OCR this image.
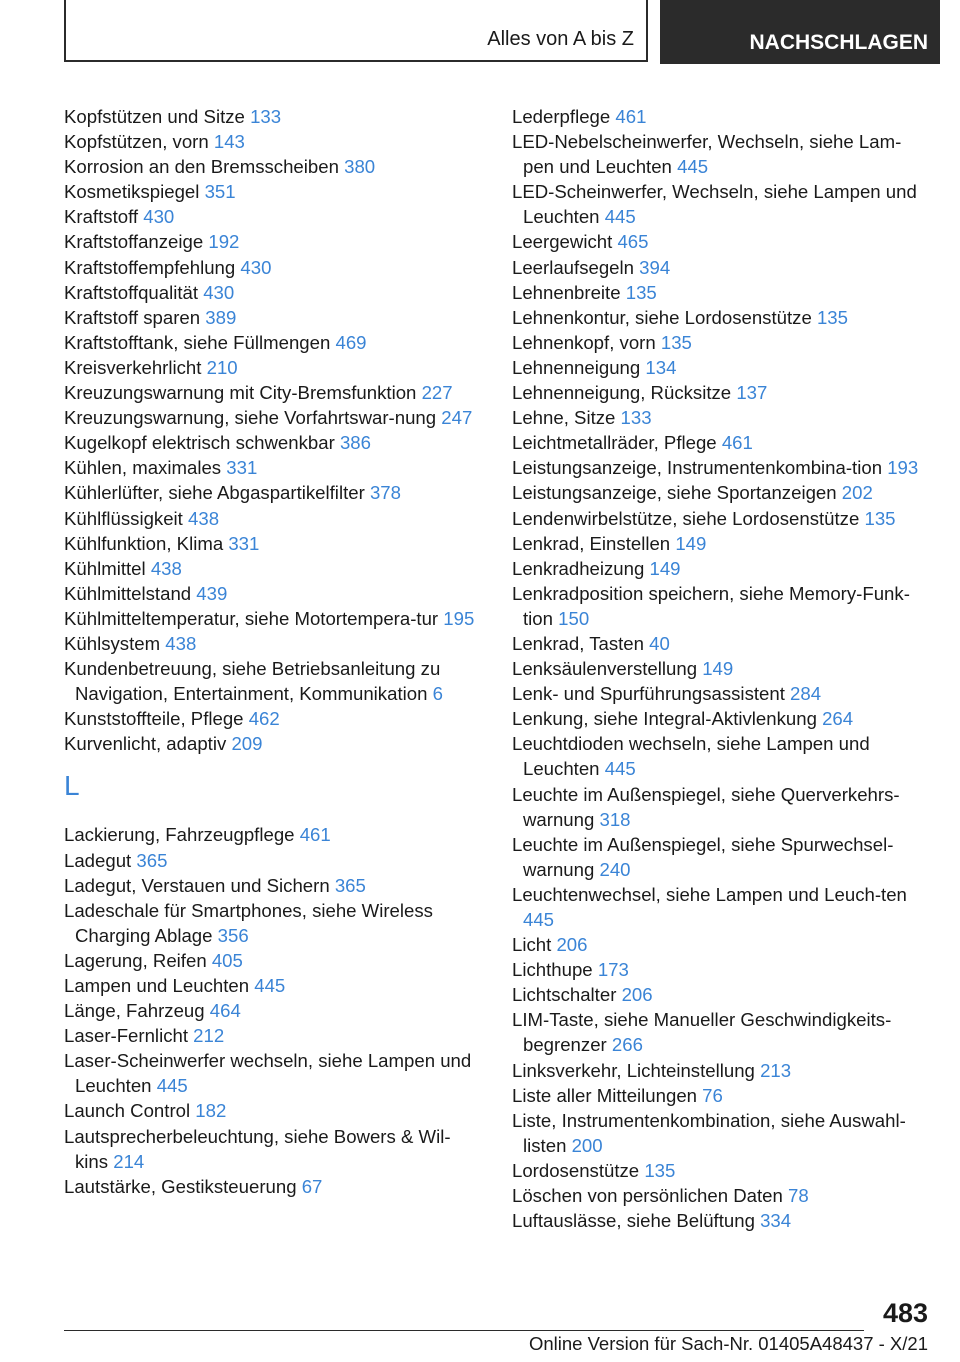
Alles von A bis Z	NACHSCHLAGEN
Kopfstützen und Sitze 133
Kopfstützen, vorn 143
Korrosion an den Bremsscheiben 380
Kosmetikspiegel 351
Kraftstoff 430
Kraftstoffanzeige 192
Kraftstoffempfehlung 430
Kraftstoffqualität 430
Kraftstoff sparen 389
Kraftstofftank, siehe Füllmengen 469
Kreisverkehrlicht 210
Kreuzungswarnung mit City-Bremsfunktion 227
Kreuzungswarnung, siehe Vorfahrtswar‐nung 247
Kugelkopf elektrisch schwenkbar 386
Kühlen, maximales 331
Kühlerlüfter, siehe Abgaspartikelfilter 378
Kühlflüssigkeit 438
Kühlfunktion, Klima 331
Kühlmittel 438
Kühlmittelstand 439
Kühlmitteltemperatur, siehe Motortempera‐tur 195
Kühlsystem 438
Kundenbetreuung, siehe Betriebsanleitung zu Navigation, Entertainment, Kommunikation 6
Kunststoffteile, Pflege 462
Kurvenlicht, adaptiv 209
L
Lackierung, Fahrzeugpflege 461
Ladegut 365
Ladegut, Verstauen und Sichern 365
Ladeschale für Smartphones, siehe Wireless Charging Ablage 356
Lagerung, Reifen 405
Lampen und Leuchten 445
Länge, Fahrzeug 464
Laser-Fernlicht 212
Laser-Scheinwerfer wechseln, siehe Lampen und Leuchten 445
Launch Control 182
Lautsprecherbeleuchtung, siehe Bowers & Wil‐kins 214
Lautstärke, Gestiksteuerung 67
Lederpflege 461
LED-Nebelscheinwerfer, Wechseln, siehe Lam‐pen und Leuchten 445
LED-Scheinwerfer, Wechseln, siehe Lampen und Leuchten 445
Leergewicht 465
Leerlaufsegeln 394
Lehnenbreite 135
Lehnenkontur, siehe Lordosenstütze 135
Lehnenkopf, vorn 135
Lehnenneigung 134
Lehnenneigung, Rücksitze 137
Lehne, Sitze 133
Leichtmetallräder, Pflege 461
Leistungsanzeige, Instrumentenkombina‐tion 193
Leistungsanzeige, siehe Sportanzeigen 202
Lendenwirbelstütze, siehe Lordosenstütze 135
Lenkrad, Einstellen 149
Lenkradheizung 149
Lenkradposition speichern, siehe Memory-Funk‐tion 150
Lenkrad, Tasten 40
Lenksäulenverstellung 149
Lenk- und Spurführungsassistent 284
Lenkung, siehe Integral-Aktivlenkung 264
Leuchtdioden wechseln, siehe Lampen und Leuchten 445
Leuchte im Außenspiegel, siehe Querverkehrs‐warnung 318
Leuchte im Außenspiegel, siehe Spurwechsel‐warnung 240
Leuchtenwechsel, siehe Lampen und Leuch‐ten 445
Licht 206
Lichthupe 173
Lichtschalter 206
LIM-Taste, siehe Manueller Geschwindigkeits‐begrenzer 266
Linksverkehr, Lichteinstellung 213
Liste aller Mitteilungen 76
Liste, Instrumentenkombination, siehe Auswahl‐listen 200
Lordosenstütze 135
Löschen von persönlichen Daten 78
Luftauslässe, siehe Belüftung 334
483
Online Version für Sach-Nr. 01405A48437 - X/21
